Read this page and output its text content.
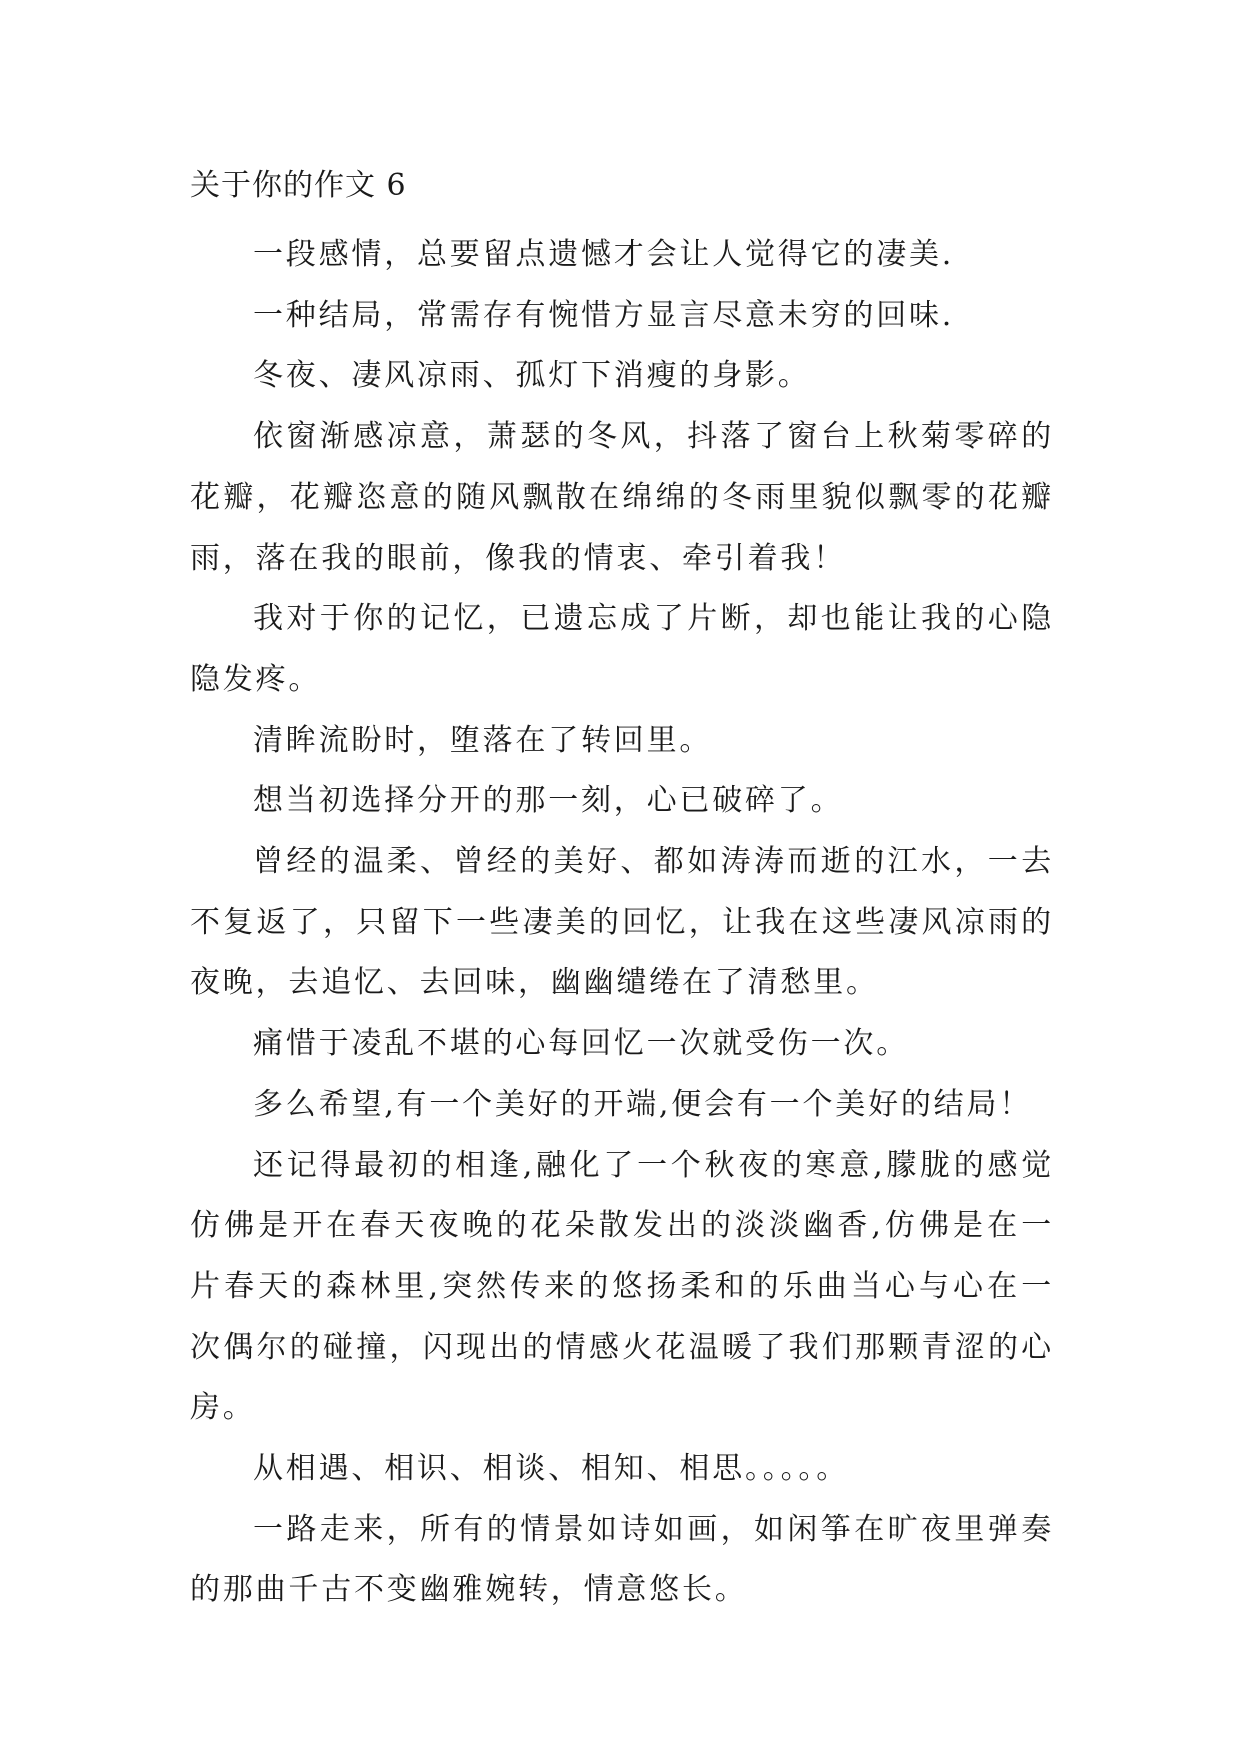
关于你的作文 6

一段感情，总要留点遗憾才会让人觉得它的凄美.

一种结局，常需存有惋惜方显言尽意未穷的回味.

冬夜、凄风凉雨、孤灯下消瘦的身影。

依窗渐感凉意，萧瑟的冬风，抖落了窗台上秋菊零碎的花瓣，花瓣恣意的随风飘散在绵绵的冬雨里貌似飘零的花瓣雨，落在我的眼前，像我的情衷、牵引着我！

我对于你的记忆，已遗忘成了片断，却也能让我的心隐隐发疼。

清眸流盼时，堕落在了转回里。

想当初选择分开的那一刻，心已破碎了。

曾经的温柔、曾经的美好、都如涛涛而逝的江水，一去不复返了，只留下一些凄美的回忆，让我在这些凄风凉雨的夜晚，去追忆、去回味，幽幽缱绻在了清愁里。

痛惜于凌乱不堪的心每回忆一次就受伤一次。

多么希望,有一个美好的开端,便会有一个美好的结局！

还记得最初的相逢,融化了一个秋夜的寒意,朦胧的感觉仿佛是开在春天夜晚的花朵散发出的淡淡幽香,仿佛是在一片春天的森林里,突然传来的悠扬柔和的乐曲当心与心在一次偶尔的碰撞，闪现出的情感火花温暖了我们那颗青涩的心房。

从相遇、相识、相谈、相知、相思。。。。。

一路走来，所有的情景如诗如画，如闲筝在旷夜里弹奏的那曲千古不变幽雅婉转，情意悠长。
